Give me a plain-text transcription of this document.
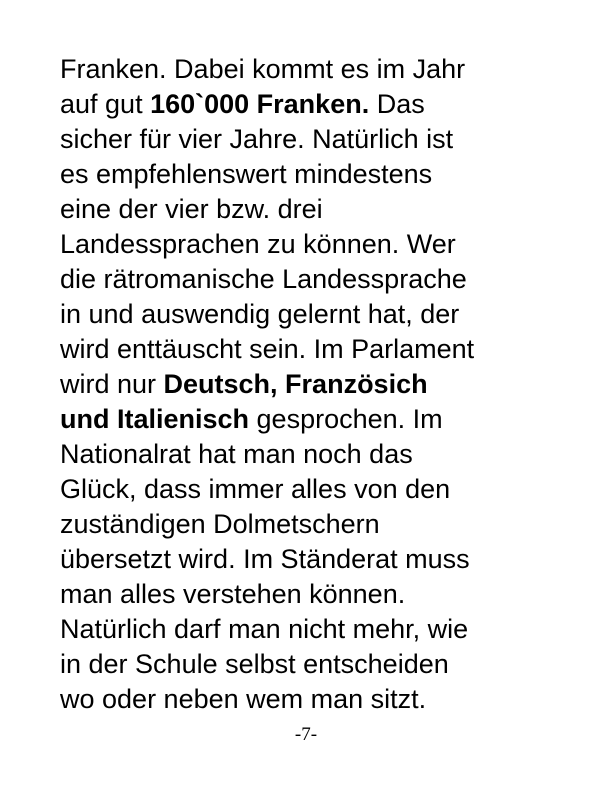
Franken. Dabei kommt es im Jahr
auf gut 160`000 Franken. Das
sicher für vier Jahre. Natürlich ist
es empfehlenswert mindestens
eine der vier bzw. drei
Landessprachen zu können. Wer
die rätromanische Landessprache
in und auswendig gelernt hat, der
wird enttäuscht sein. Im Parlament
wird nur Deutsch, Französich
und Italienisch gesprochen. Im
Nationalrat hat man noch das
Glück, dass immer alles von den
zuständigen Dolmetschern
übersetzt wird. Im Ständerat muss
man alles verstehen können.
Natürlich darf man nicht mehr, wie
in der Schule selbst entscheiden
wo oder neben wem man sitzt.
-7-
